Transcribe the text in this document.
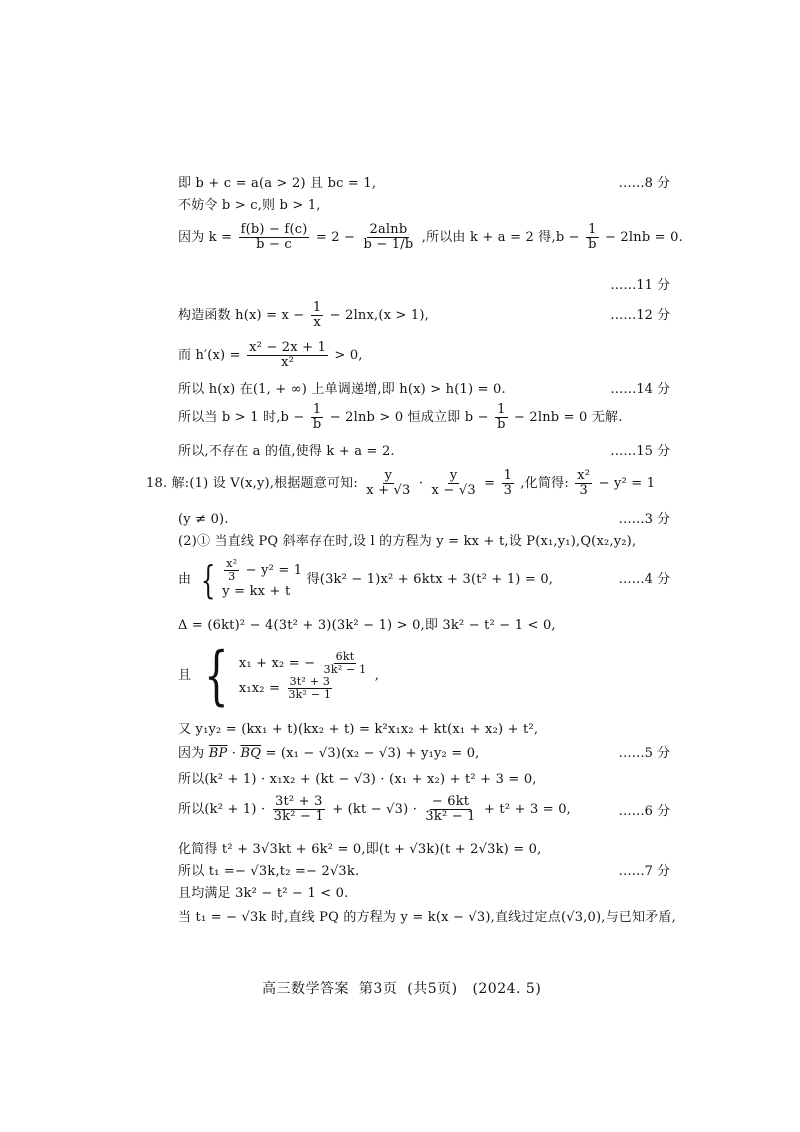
即 b + c = a(a > 2) 且 bc = 1,	……8 分
不妨令 b > c,则 b > 1,
因为 $k = \frac{f(b) - f(c)}{b - c} = 2 - \frac{2alnb}{b - 1/b}$ ,所以由 k + a = 2 得$,b - \frac{1}{b} - 2\ln b = 0$.
……11 分
构造函数 $h(x) = x - \frac{1}{x} - 2\ln x,(x > 1)$,	……12 分
而 $h'(x) = \frac{\text{x² − 2x + 1}}{\text{x²}} > 0$,
所以 h(x) 在(1, + ∞) 上单调递增,即 h(x) > h(1) = 0.	……14 分
所以当 b > 1 时$,b - \frac{1}{b} - 2\ln b > 0$ 恒成立即 $b - \frac{1}{b} - 2\ln b = 0$ 无解.
所以,不存在 a 的值,使得 k + a = 2.	……15 分
18. 解:(1) 设 V(x,y),根据题意可知: $\frac{y}{x + √3} \cdot \frac{y}{x - √3} = \frac{1}{3}$ ,化简得: $\frac{\text{x²}}{3} - y^2 = 1$
(y ≠ 0).	……3 分
(2)① 当直线 PQ 斜率存在时,设 l 的方程为 y = kx + t,设 P(x₁,y₁),Q(x₂,y₂),
由 { $\frac{\text{x²}}{3} - y^2 = 1$
y = kx + t
得(3k² − 1)x² + 6ktx + 3(t² + 1) = 0,	……4 分
Δ = (6kt)² − 4(3t² + 3)(3k² − 1) > 0,即 3k² − t² − 1 < 0,
且 { x₁ + x₂ = − $\frac{6kt}{\text{3k² − 1}}$
$x_1x_2 = \frac{\text{3t² + 3}}{\text{3k² − 1}}$	,
又 y₁y₂ = (kx₁ + t)(kx₂ + t) = k²x₁x₂ + kt(x₁ + x₂) + t²,
因为 $\overline{BP} \cdot \overline{BQ} = (x_1 - √3)(x_2 - √3) + y_1y_2 = 0$,	……5 分
所以(k² + 1) · x₁x₂ + (kt − √3) · (x₁ + x₂) + t² + 3 = 0,
所以$(k^2 + 1) \cdot \frac{\text{3t² + 3}}{\text{3k² − 1}} + (kt - √3) \cdot \frac{- 6kt}{\text{3k² − 1}} + t^2 + 3 = 0$,	……6 分
化简得 t² + 3√3kt + 6k² = 0,即(t + √3k)(t + 2√3k) = 0,
所以 t₁ =− √3k,t₂ =− 2√3k.	……7 分
且均满足 3k² − t² − 1 < 0.
当 t₁ = − √3k 时,直线 PQ 的方程为 y = k(x − √3),直线过定点(√3,0),与已知矛盾,
高三数学答案 第3页 (共5页) (2024. 5)
